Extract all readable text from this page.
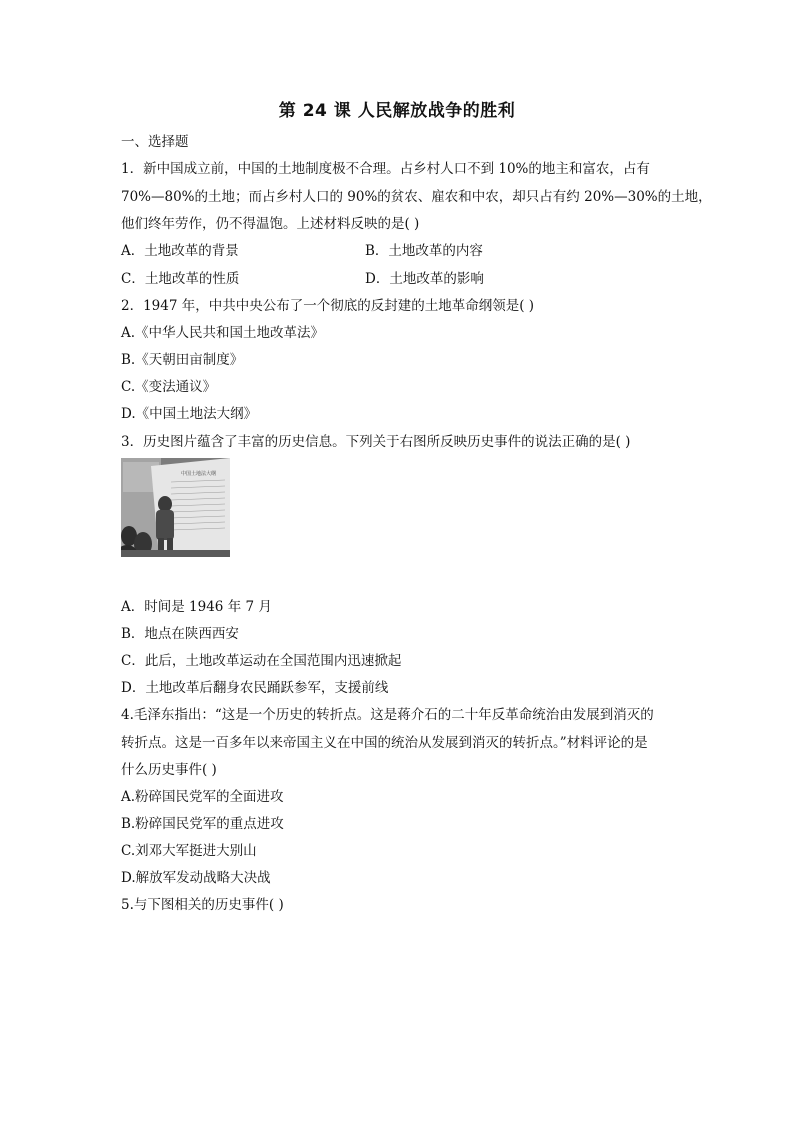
第 24 课 人民解放战争的胜利
一、选择题
1．新中国成立前，中国的土地制度极不合理。占乡村人口不到 10%的地主和富农，占有
70%—80%的土地；而占乡村人口的 90%的贫农、雇农和中农，却只占有约 20%—30%的土地，
他们终年劳作，仍不得温饱。上述材料反映的是( )
A．土地改革的背景	B．土地改革的内容
C．土地改革的性质	D．土地改革的影响
2．1947 年，中共中央公布了一个彻底的反封建的土地革命纲领是( )
A.《中华人民共和国土地改革法》
B.《天朝田亩制度》
C.《变法通议》
D.《中国土地法大纲》
3．历史图片蕴含了丰富的历史信息。下列关于右图所反映历史事件的说法正确的是( )
中国土地法大纲
A．时间是 1946 年 7 月
B．地点在陕西西安
C．此后，土地改革运动在全国范围内迅速掀起
D．土地改革后翻身农民踊跃参军，支援前线
4.毛泽东指出：“这是一个历史的转折点。这是蒋介石的二十年反革命统治由发展到消灭的
转折点。这是一百多年以来帝国主义在中国的统治从发展到消灭的转折点。”材料评论的是
什么历史事件( )
A.粉碎国民党军的全面进攻
B.粉碎国民党军的重点进攻
C.刘邓大军挺进大别山
D.解放军发动战略大决战
5.与下图相关的历史事件( )
